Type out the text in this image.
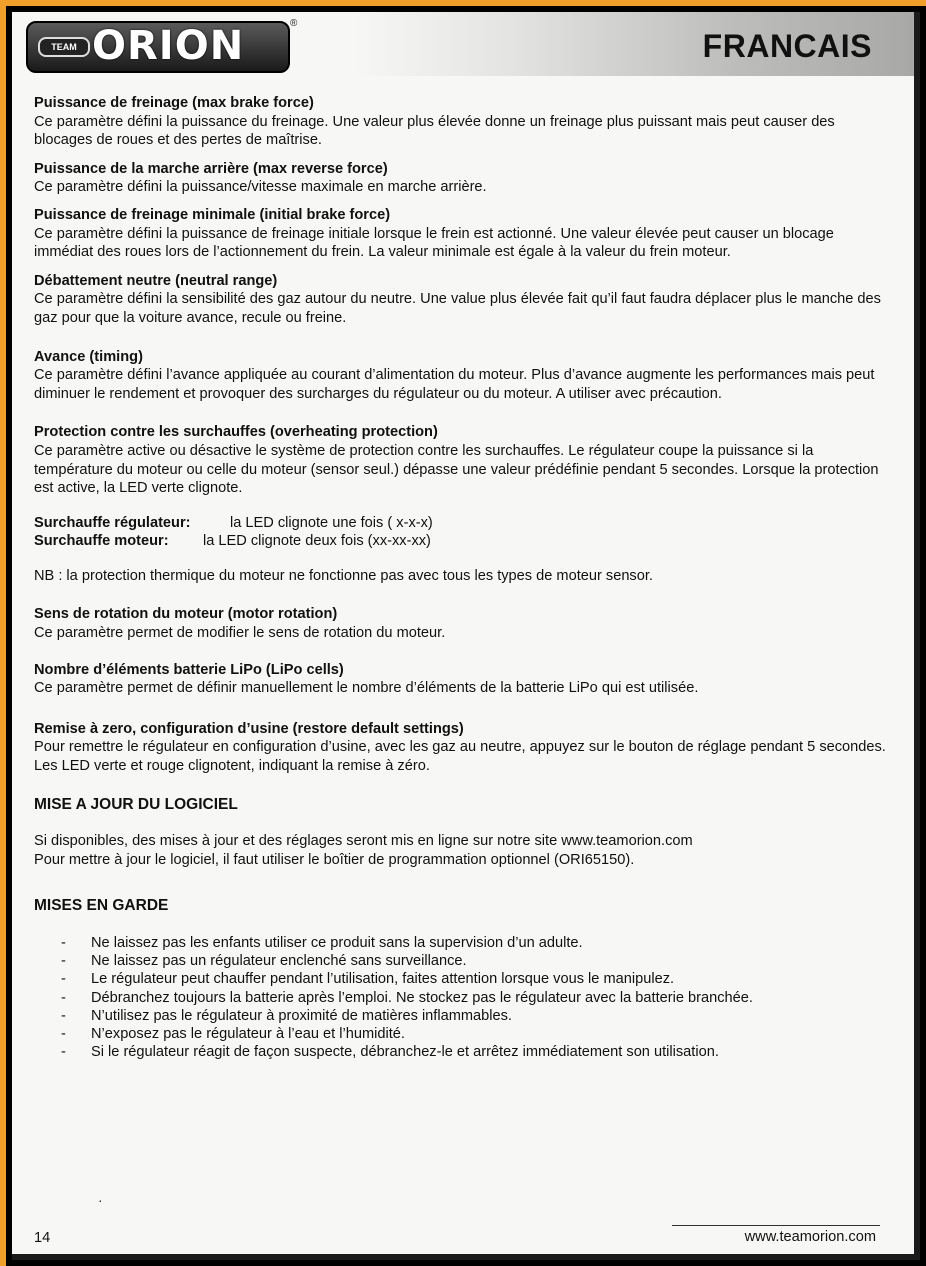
TEAM ORION	®
FRANCAIS

Puissance de freinage (max brake force)

Ce paramètre défini la puissance du freinage. Une valeur plus élevée donne un freinage plus puissant mais peut causer des blocages de roues et des pertes de maîtrise.

Puissance de la marche arrière (max reverse force)

Ce paramètre défini la puissance/vitesse maximale en marche arrière.

Puissance de freinage minimale (initial brake force)

Ce paramètre défini la puissance de freinage initiale lorsque le frein est actionné. Une valeur élevée peut causer un blocage immédiat des roues lors de l’actionnement du frein. La valeur minimale est égale à la valeur du frein moteur.

Débattement neutre (neutral range)

Ce paramètre défini la sensibilité des gaz autour du neutre. Une value plus élevée fait qu’il faut faudra déplacer plus le manche des gaz pour que la voiture avance, recule ou freine.

Avance (timing)

Ce paramètre défini l’avance appliquée au courant d’alimentation du moteur. Plus d’avance augmente les performances mais peut diminuer le rendement et provoquer des surcharges du régulateur ou du moteur. A utiliser avec précaution.

Protection contre les surchauffes (overheating protection)

Ce paramètre active ou désactive le système de protection contre les surchauffes. Le régulateur coupe la puissance si la température du moteur ou celle du moteur (sensor seul.) dépasse une valeur prédéfinie pendant 5 secondes. Lorsque la protection est active, la LED verte clignote.

Surchauffe régulateur:	la LED clignote une fois ( x-x-x)

Surchauffe moteur: la LED clignote deux fois (xx-xx-xx)

NB : la protection thermique du moteur ne fonctionne pas avec tous les types de moteur sensor.

Sens de rotation du moteur (motor rotation)

Ce paramètre permet de modifier le sens de rotation du moteur.

Nombre d’éléments batterie LiPo (LiPo cells)

Ce paramètre permet de définir manuellement le nombre d’éléments de la batterie LiPo qui est utilisée.

Remise à zero, configuration d’usine (restore default settings)

Pour remettre le régulateur en configuration d’usine, avec les gaz au neutre, appuyez sur le bouton de réglage pendant 5 secondes. Les LED verte et rouge clignotent, indiquant la remise à zéro.

MISE A JOUR DU LOGICIEL

Si disponibles, des mises à jour et des réglages seront mis en ligne sur notre site www.teamorion.com

Pour mettre à jour le logiciel, il faut utiliser le boîtier de programmation optionnel (ORI65150).

MISES EN GARDE

- Ne laissez pas les enfants utiliser ce produit sans la supervision d’un adulte.
- Ne laissez pas un régulateur enclenché sans surveillance.
- Le régulateur peut chauffer pendant l’utilisation, faites attention lorsque vous le manipulez.
- Débranchez toujours la batterie après l’emploi. Ne stockez pas le régulateur avec la batterie branchée.
- N’utilisez pas le régulateur à proximité de matières inflammables.
- N’exposez pas le régulateur à l’eau et l’humidité.
- Si le régulateur réagit de façon suspecte, débranchez-le et arrêtez immédiatement son utilisation.
·
14	www.teamorion.com
